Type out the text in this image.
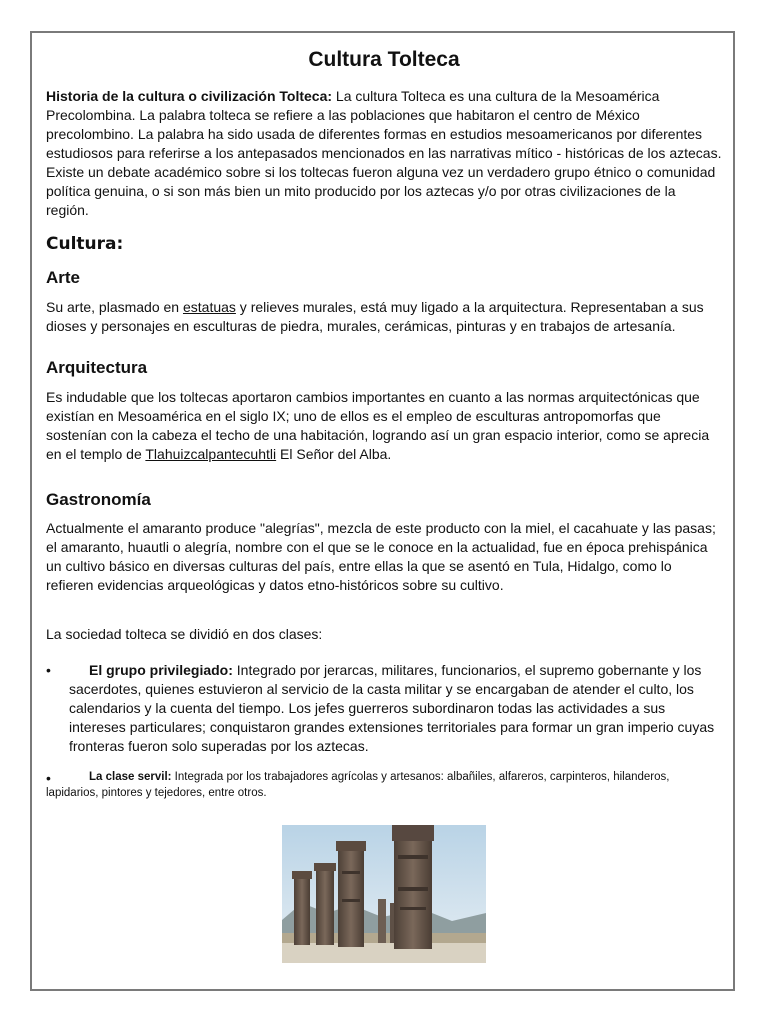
Cultura Tolteca

Historia de la cultura o civilización Tolteca: La cultura Tolteca es una cultura de la Mesoamérica Precolombina. La palabra tolteca se refiere a las poblaciones que habitaron el centro de México precolombino. La palabra ha sido usada de diferentes formas en estudios mesoamericanos por diferentes estudiosos para referirse a los antepasados mencionados en las narrativas mítico - históricas de los aztecas. Existe un debate académico sobre si los toltecas fueron alguna vez un verdadero grupo étnico o comunidad política genuina, o si son más bien un mito producido por los aztecas y/o por otras civilizaciones de la región.

Cultura:
Arte

Su arte, plasmado en estatuas y relieves murales, está muy ligado a la arquitectura. Representaban a sus dioses y personajes en esculturas de piedra, murales, cerámicas, pinturas y en trabajos de artesanía.

Arquitectura

Es indudable que los toltecas aportaron cambios importantes en cuanto a las normas arquitectónicas que existían en Mesoamérica en el siglo IX; uno de ellos es el empleo de esculturas antropomorfas que sostenían con la cabeza el techo de una habitación, logrando así un gran espacio interior, como se aprecia en el templo de Tlahuizcalpantecuhtli El Señor del Alba.

Gastronomía

Actualmente el amaranto produce "alegrías", mezcla de este producto con la miel, el cacahuate y las pasas; el amaranto, huautli o alegría, nombre con el que se le conoce en la actualidad, fue en época prehispánica un cultivo básico en diversas culturas del país, entre ellas la que se asentó en Tula, Hidalgo, como lo refieren evidencias arqueológicas y datos etno-históricos sobre su cultivo.

La sociedad tolteca se dividió en dos clases:

•	El grupo privilegiado: Integrado por jerarcas, militares, funcionarios, el supremo gobernante y los sacerdotes, quienes estuvieron al servicio de la casta militar y se encargaban de atender el culto, los calendarios y la cuenta del tiempo. Los jefes guerreros subordinaron todas las actividades a sus intereses particulares; conquistaron grandes extensiones territoriales para formar un gran imperio cuyas fronteras fueron solo superadas por los aztecas.

•	La clase servil: Integrada por los trabajadores agrícolas y artesanos: albañiles, alfareros, carpinteros, hilanderos, lapidarios, pintores y tejedores, entre otros.
